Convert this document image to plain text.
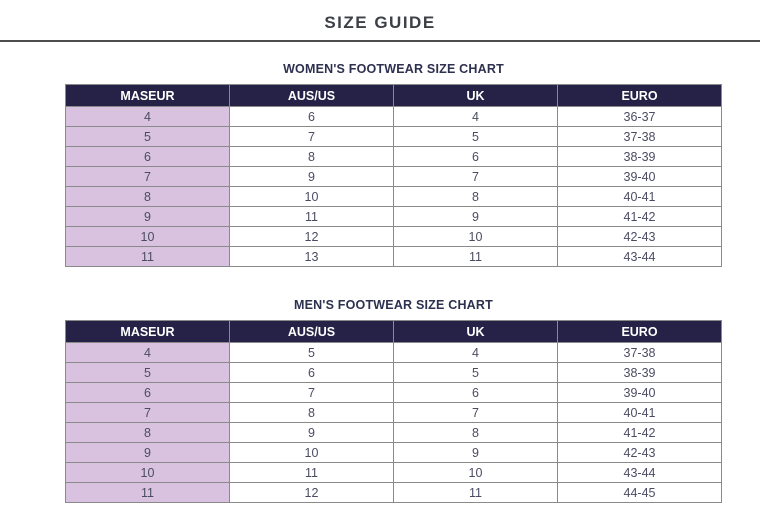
SIZE GUIDE
WOMEN'S FOOTWEAR SIZE CHART
MASEUR	AUS/US	UK	EURO
4	6	4	36-37
5	7	5	37-38
6	8	6	38-39
7	9	7	39-40
8	10	8	40-41
9	11	9	41-42
10	12	10	42-43
11	13	11	43-44
MEN'S FOOTWEAR SIZE CHART
MASEUR	AUS/US	UK	EURO
4	5	4	37-38
5	6	5	38-39
6	7	6	39-40
7	8	7	40-41
8	9	8	41-42
9	10	9	42-43
10	11	10	43-44
11	12	11	44-45
